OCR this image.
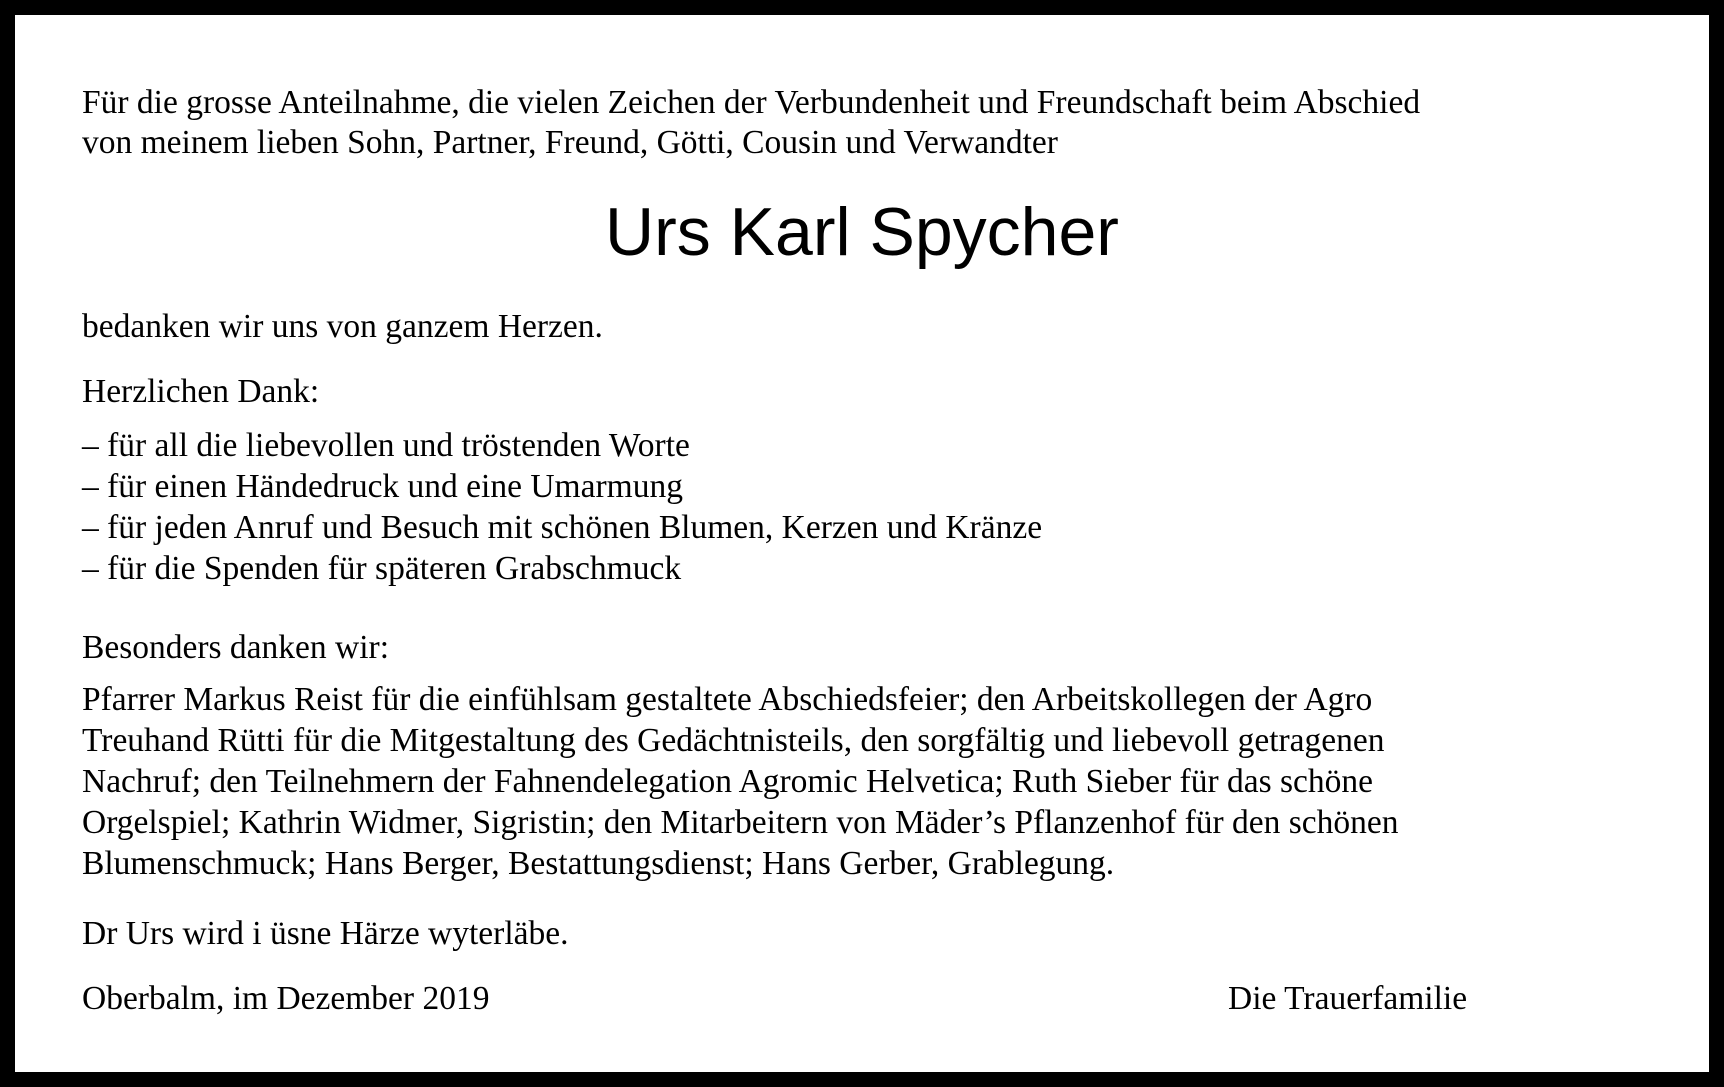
Für die grosse Anteilnahme, die vielen Zeichen der Verbundenheit und Freundschaft beim Abschied
von meinem lieben Sohn, Partner, Freund, Götti, Cousin und Verwandter
Urs Karl Spycher
bedanken wir uns von ganzem Herzen.
Herzlichen Dank:
– für all die liebevollen und tröstenden Worte
– für einen Händedruck und eine Umarmung
– für jeden Anruf und Besuch mit schönen Blumen, Kerzen und Kränze
– für die Spenden für späteren Grabschmuck
Besonders danken wir:
Pfarrer Markus Reist für die einfühlsam gestaltete Abschiedsfeier; den Arbeitskollegen der Agro
Treuhand Rütti für die Mitgestaltung des Gedächtnisteils, den sorgfältig und liebevoll getragenen
Nachruf; den Teilnehmern der Fahnendelegation Agromic Helvetica; Ruth Sieber für das schöne
Orgelspiel; Kathrin Widmer, Sigristin; den Mitarbeitern von Mäder’s Pflanzenhof für den schönen
Blumenschmuck; Hans Berger, Bestattungsdienst; Hans Gerber, Grablegung.
Dr Urs wird i üsne Härze wyterläbe.
Oberbalm, im Dezember 2019	Die Trauerfamilie
